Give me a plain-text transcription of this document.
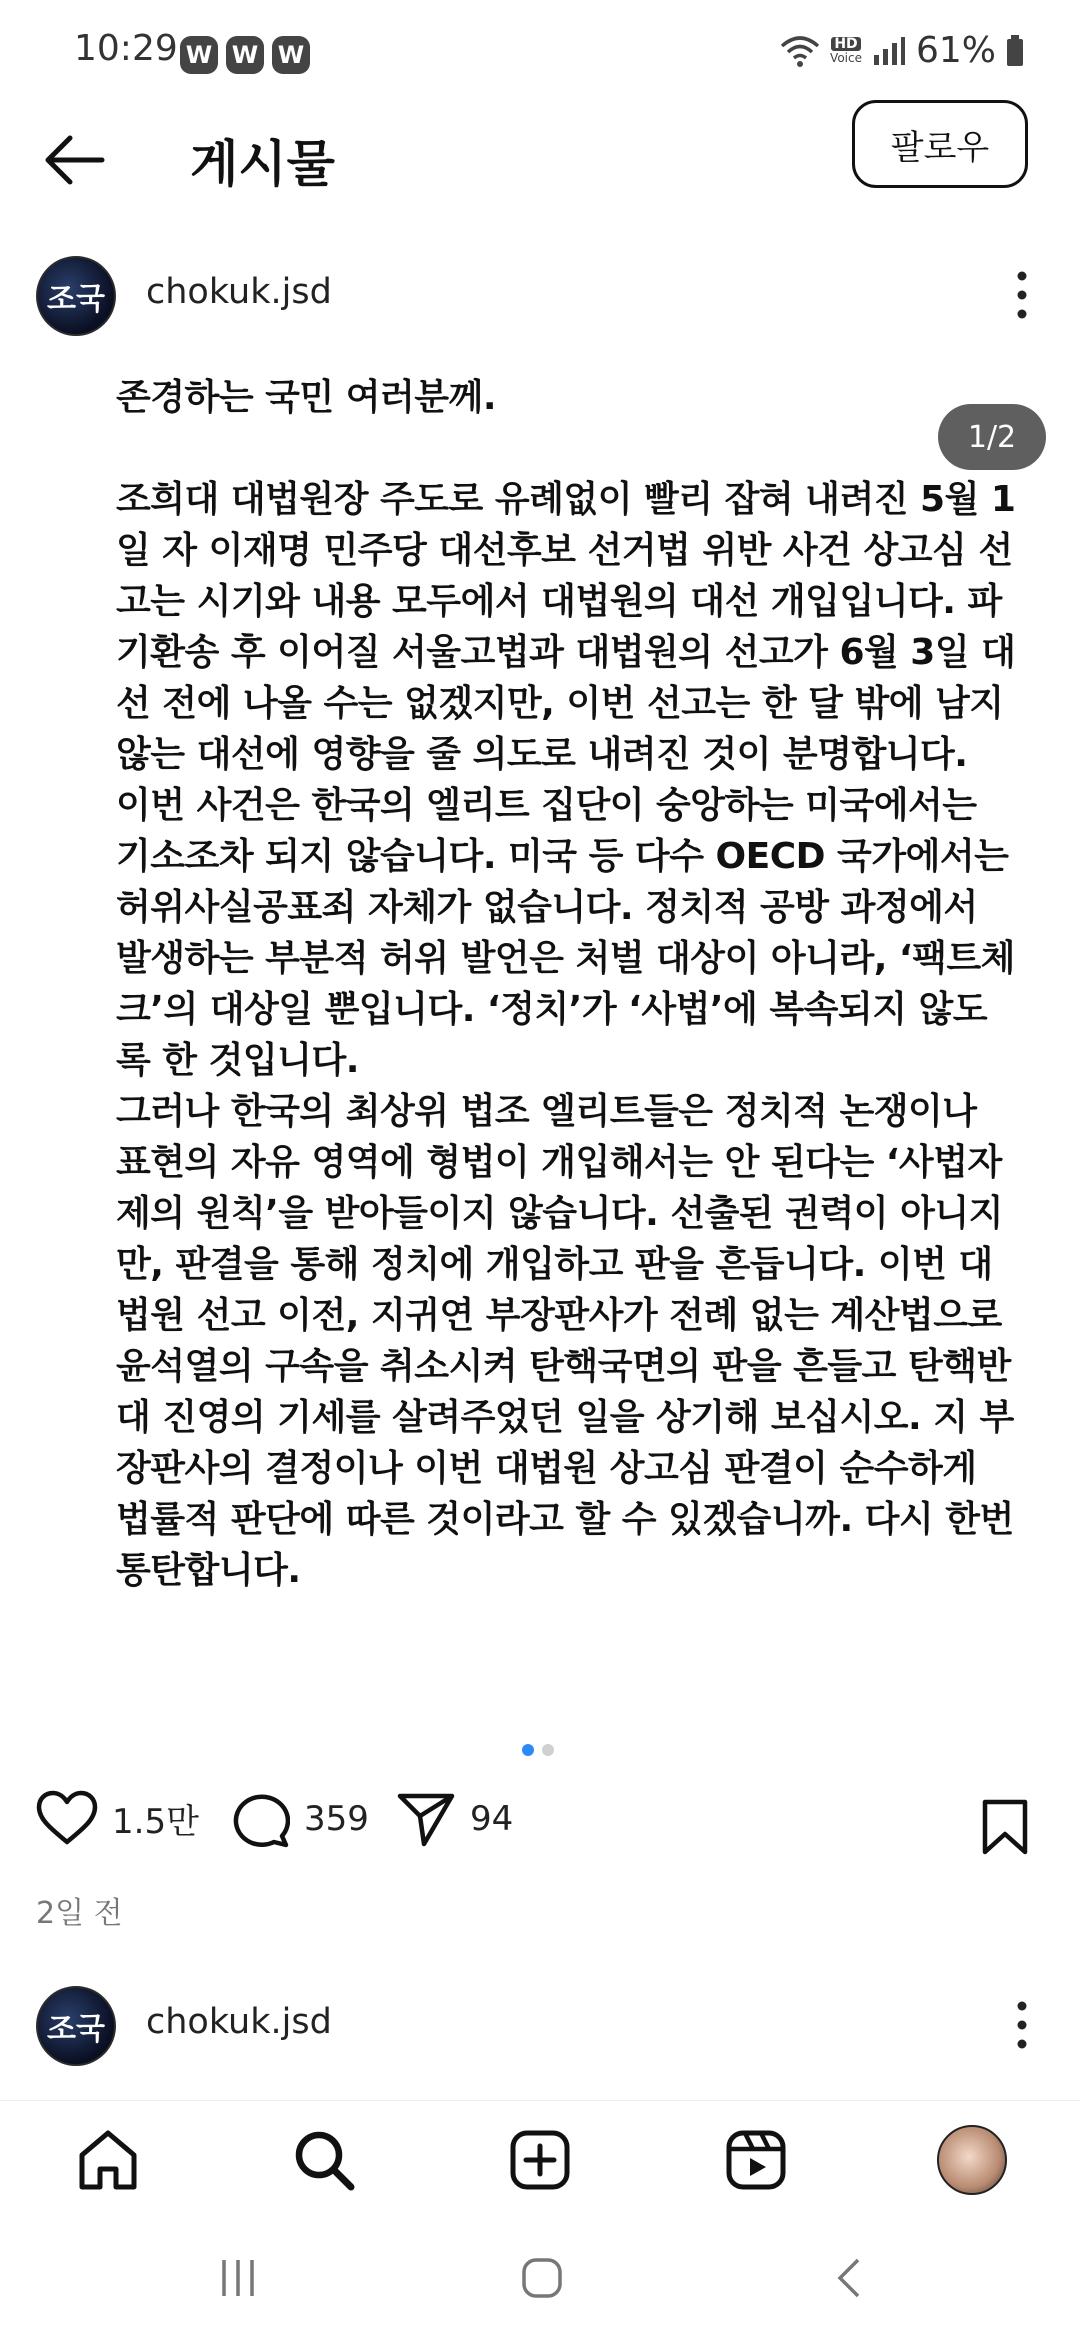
10:29 W W W	HD
Voice 61%
게시물	팔로우
조국 chokuk.jsd

존경하는 국민 여러분께.

조희대 대법원장 주도로 유례없이 빨리 잡혀 내려진 5월 1일 자 이재명 민주당 대선후보 선거법 위반 사건 상고심 선고는 시기와 내용 모두에서 대법원의 대선 개입입니다. 파기환송 후 이어질 서울고법과 대법원의 선고가 6월 3일 대선 전에 나올 수는 없겠지만, 이번 선고는 한 달 밖에 남지 않는 대선에 영향을 줄 의도로 내려진 것이 분명합니다.

이번 사건은 한국의 엘리트 집단이 숭앙하는 미국에서는 기소조차 되지 않습니다. 미국 등 다수 OECD 국가에서는 허위사실공표죄 자체가 없습니다. 정치적 공방 과정에서 발생하는 부분적 허위 발언은 처벌 대상이 아니라, ‘팩트체크’의 대상일 뿐입니다. ‘정치’가 ‘사법’에 복속되지 않도록 한 것입니다.

그러나 한국의 최상위 법조 엘리트들은 정치적 논쟁이나 표현의 자유 영역에 형법이 개입해서는 안 된다는 ‘사법자제의 원칙’을 받아들이지 않습니다. 선출된 권력이 아니지만, 판결을 통해 정치에 개입하고 판을 흔듭니다. 이번 대법원 선고 이전, 지귀연 부장판사가 전례 없는 계산법으로 윤석열의 구속을 취소시켜 탄핵국면의 판을 흔들고 탄핵반대 진영의 기세를 살려주었던 일을 상기해 보십시오. 지 부장판사의 결정이나 이번 대법원 상고심 판결이 순수하게 법률적 판단에 따른 것이라고 할 수 있겠습니까. 다시 한번 통탄합니다.

1/2
1.5만	359	94
2일 전
조국 chokuk.jsd
